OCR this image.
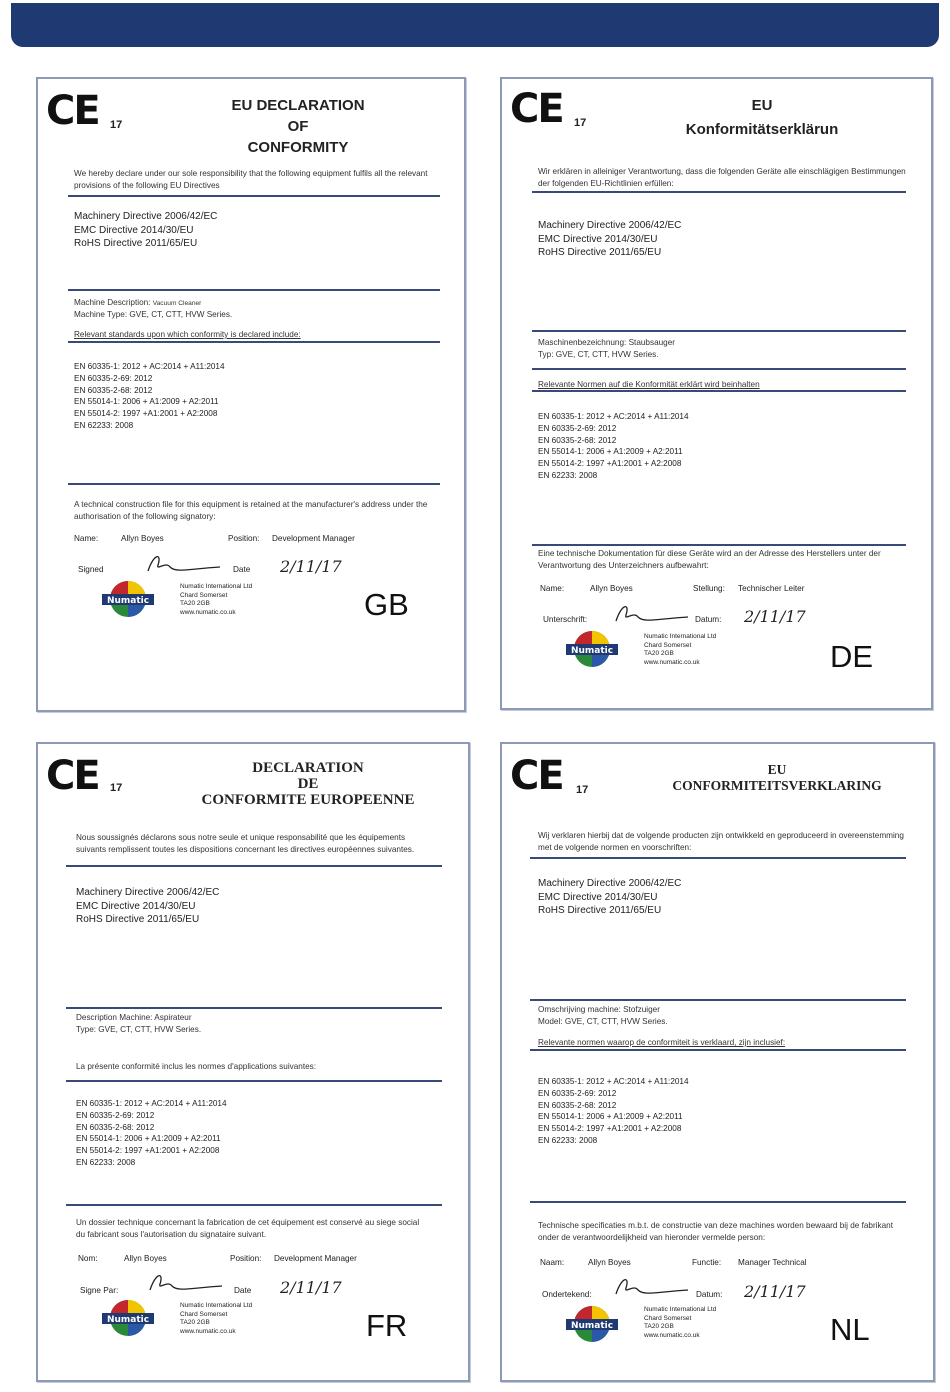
CE 17
EU DECLARATION
OF
CONFORMITY
We hereby declare under our sole responsibility that the following equipment fulfils all the relevant provisions of the following EU Directives
Machinery Directive 2006/42/EC
EMC Directive 2014/30/EU
RoHS Directive 2011/65/EU
Machine Description: Vacuum Cleaner
Machine Type: GVE, CT, CTT, HVW Series.
Relevant standards upon which conformity is declared include:
EN 60335-1: 2012 + AC:2014 + A11:2014
EN 60335-2-69: 2012
EN 60335-2-68: 2012
EN 55014-1: 2006 + A1:2009 + A2:2011
EN 55014-2: 1997 +A1:2001 + A2:2008
EN 62233: 2008
A technical construction file for this equipment is retained at the manufacturer's address under the authorisation of the following signatory:
Name:	Allyn Boyes	Position: Development Manager
Signed	Date 2/11/17
Numatic
Numatic International Ltd
Chard Somerset
TA20 2GB
www.numatic.co.uk	GB
CE 17
EU
Konformitätserklärun
Wir erklären in alleiniger Verantwortung, dass die folgenden Geräte alle einschlägigen Bestimmungen der folgenden EU-Richtlinien erfüllen:
Machinery Directive 2006/42/EC
EMC Directive 2014/30/EU
RoHS Directive 2011/65/EU
Maschinenbezeichnung: Staubsauger
Typ: GVE, CT, CTT, HVW Series.
Relevante Normen auf die Konformität erklärt wird beinhalten
EN 60335-1: 2012 + AC:2014 + A11:2014
EN 60335-2-69: 2012
EN 60335-2-68: 2012
EN 55014-1: 2006 + A1:2009 + A2:2011
EN 55014-2: 1997 +A1:2001 + A2:2008
EN 62233: 2008
Eine technische Dokumentation für diese Geräte wird an der Adresse des Herstellers unter der Verantwortung des Unterzeichners aufbewahrt:
Name:	Allyn Boyes	Stellung: Technischer Leiter
Unterschrift:	Datum: 2/11/17
Numatic
Numatic International Ltd
Chard Somerset
TA20 2GB
www.numatic.co.uk	DE
CE 17
DECLARATION
DE
CONFORMITE EUROPEENNE
Nous soussignés déclarons sous notre seule et unique responsabilité que les équipements suivants remplissent toutes les dispositions concernant les directives européennes suivantes.
Machinery Directive 2006/42/EC
EMC Directive 2014/30/EU
RoHS Directive 2011/65/EU
Description Machine: Aspirateur
Type: GVE, CT, CTT, HVW Series.
La présente conformité inclus les normes d'applications suivantes:
EN 60335-1: 2012 + AC:2014 + A11:2014
EN 60335-2-69: 2012
EN 60335-2-68: 2012
EN 55014-1: 2006 + A1:2009 + A2:2011
EN 55014-2: 1997 +A1:2001 + A2:2008
EN 62233: 2008
Un dossier technique concernant la fabrication de cet équipement est conservé au siege social du fabricant sous l'autorisation du signataire suivant.
Nom:	Allyn Boyes	Position: Development Manager
Signe Par:	Date 2/11/17
Numatic
Numatic International Ltd
Chard Somerset
TA20 2GB
www.numatic.co.uk	FR
CE 17
EU
CONFORMITEITSVERKLARING
Wij verklaren hierbij dat de volgende producten zijn ontwikkeld en geproduceerd in overeenstemming met de volgende normen en voorschriften:
Machinery Directive 2006/42/EC
EMC Directive 2014/30/EU
RoHS Directive 2011/65/EU
Omschrijving machine: Stofzuiger
Model: GVE, CT, CTT, HVW Series.
Relevante normen waarop de conformiteit is verklaard, zijn inclusief:
EN 60335-1: 2012 + AC:2014 + A11:2014
EN 60335-2-69: 2012
EN 60335-2-68: 2012
EN 55014-1: 2006 + A1:2009 + A2:2011
EN 55014-2: 1997 +A1:2001 + A2:2008
EN 62233: 2008
Technische specificaties m.b.t. de constructie van deze machines worden bewaard bij de fabrikant onder de verantwoordelijkheid van hieronder vermelde person:
Naam:	Allyn Boyes	Functie: Manager Technical
Ondertekend:	Datum: 2/11/17
Numatic
Numatic International Ltd
Chard Somerset
TA20 2GB
www.numatic.co.uk	NL
